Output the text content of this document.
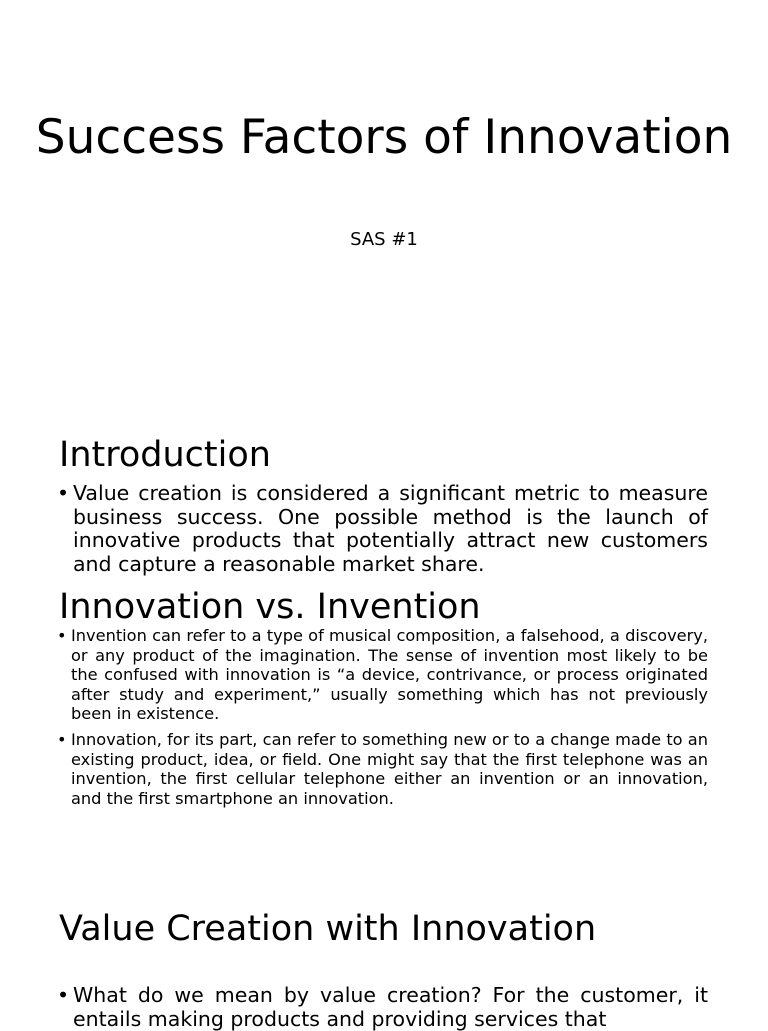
Success Factors of Innovation
SAS #1
Introduction
• Value creation is considered a significant metric to measure business success. One possible method is the launch of innovative products that potentially attract new customers and capture a reasonable market share.
Innovation vs. Invention
• Invention can refer to a type of musical composition, a falsehood, a discovery, or any product of the imagination. The sense of invention most likely to be the confused with innovation is “a device, contrivance, or process originated after study and experiment,” usually something which has not previously been in existence.
• Innovation, for its part, can refer to something new or to a change made to an existing product, idea, or field. One might say that the first telephone was an invention, the first cellular telephone either an invention or an innovation, and the first smartphone an innovation.
Value Creation with Innovation
• What do we mean by value creation? For the customer, it entails making products and providing services that
